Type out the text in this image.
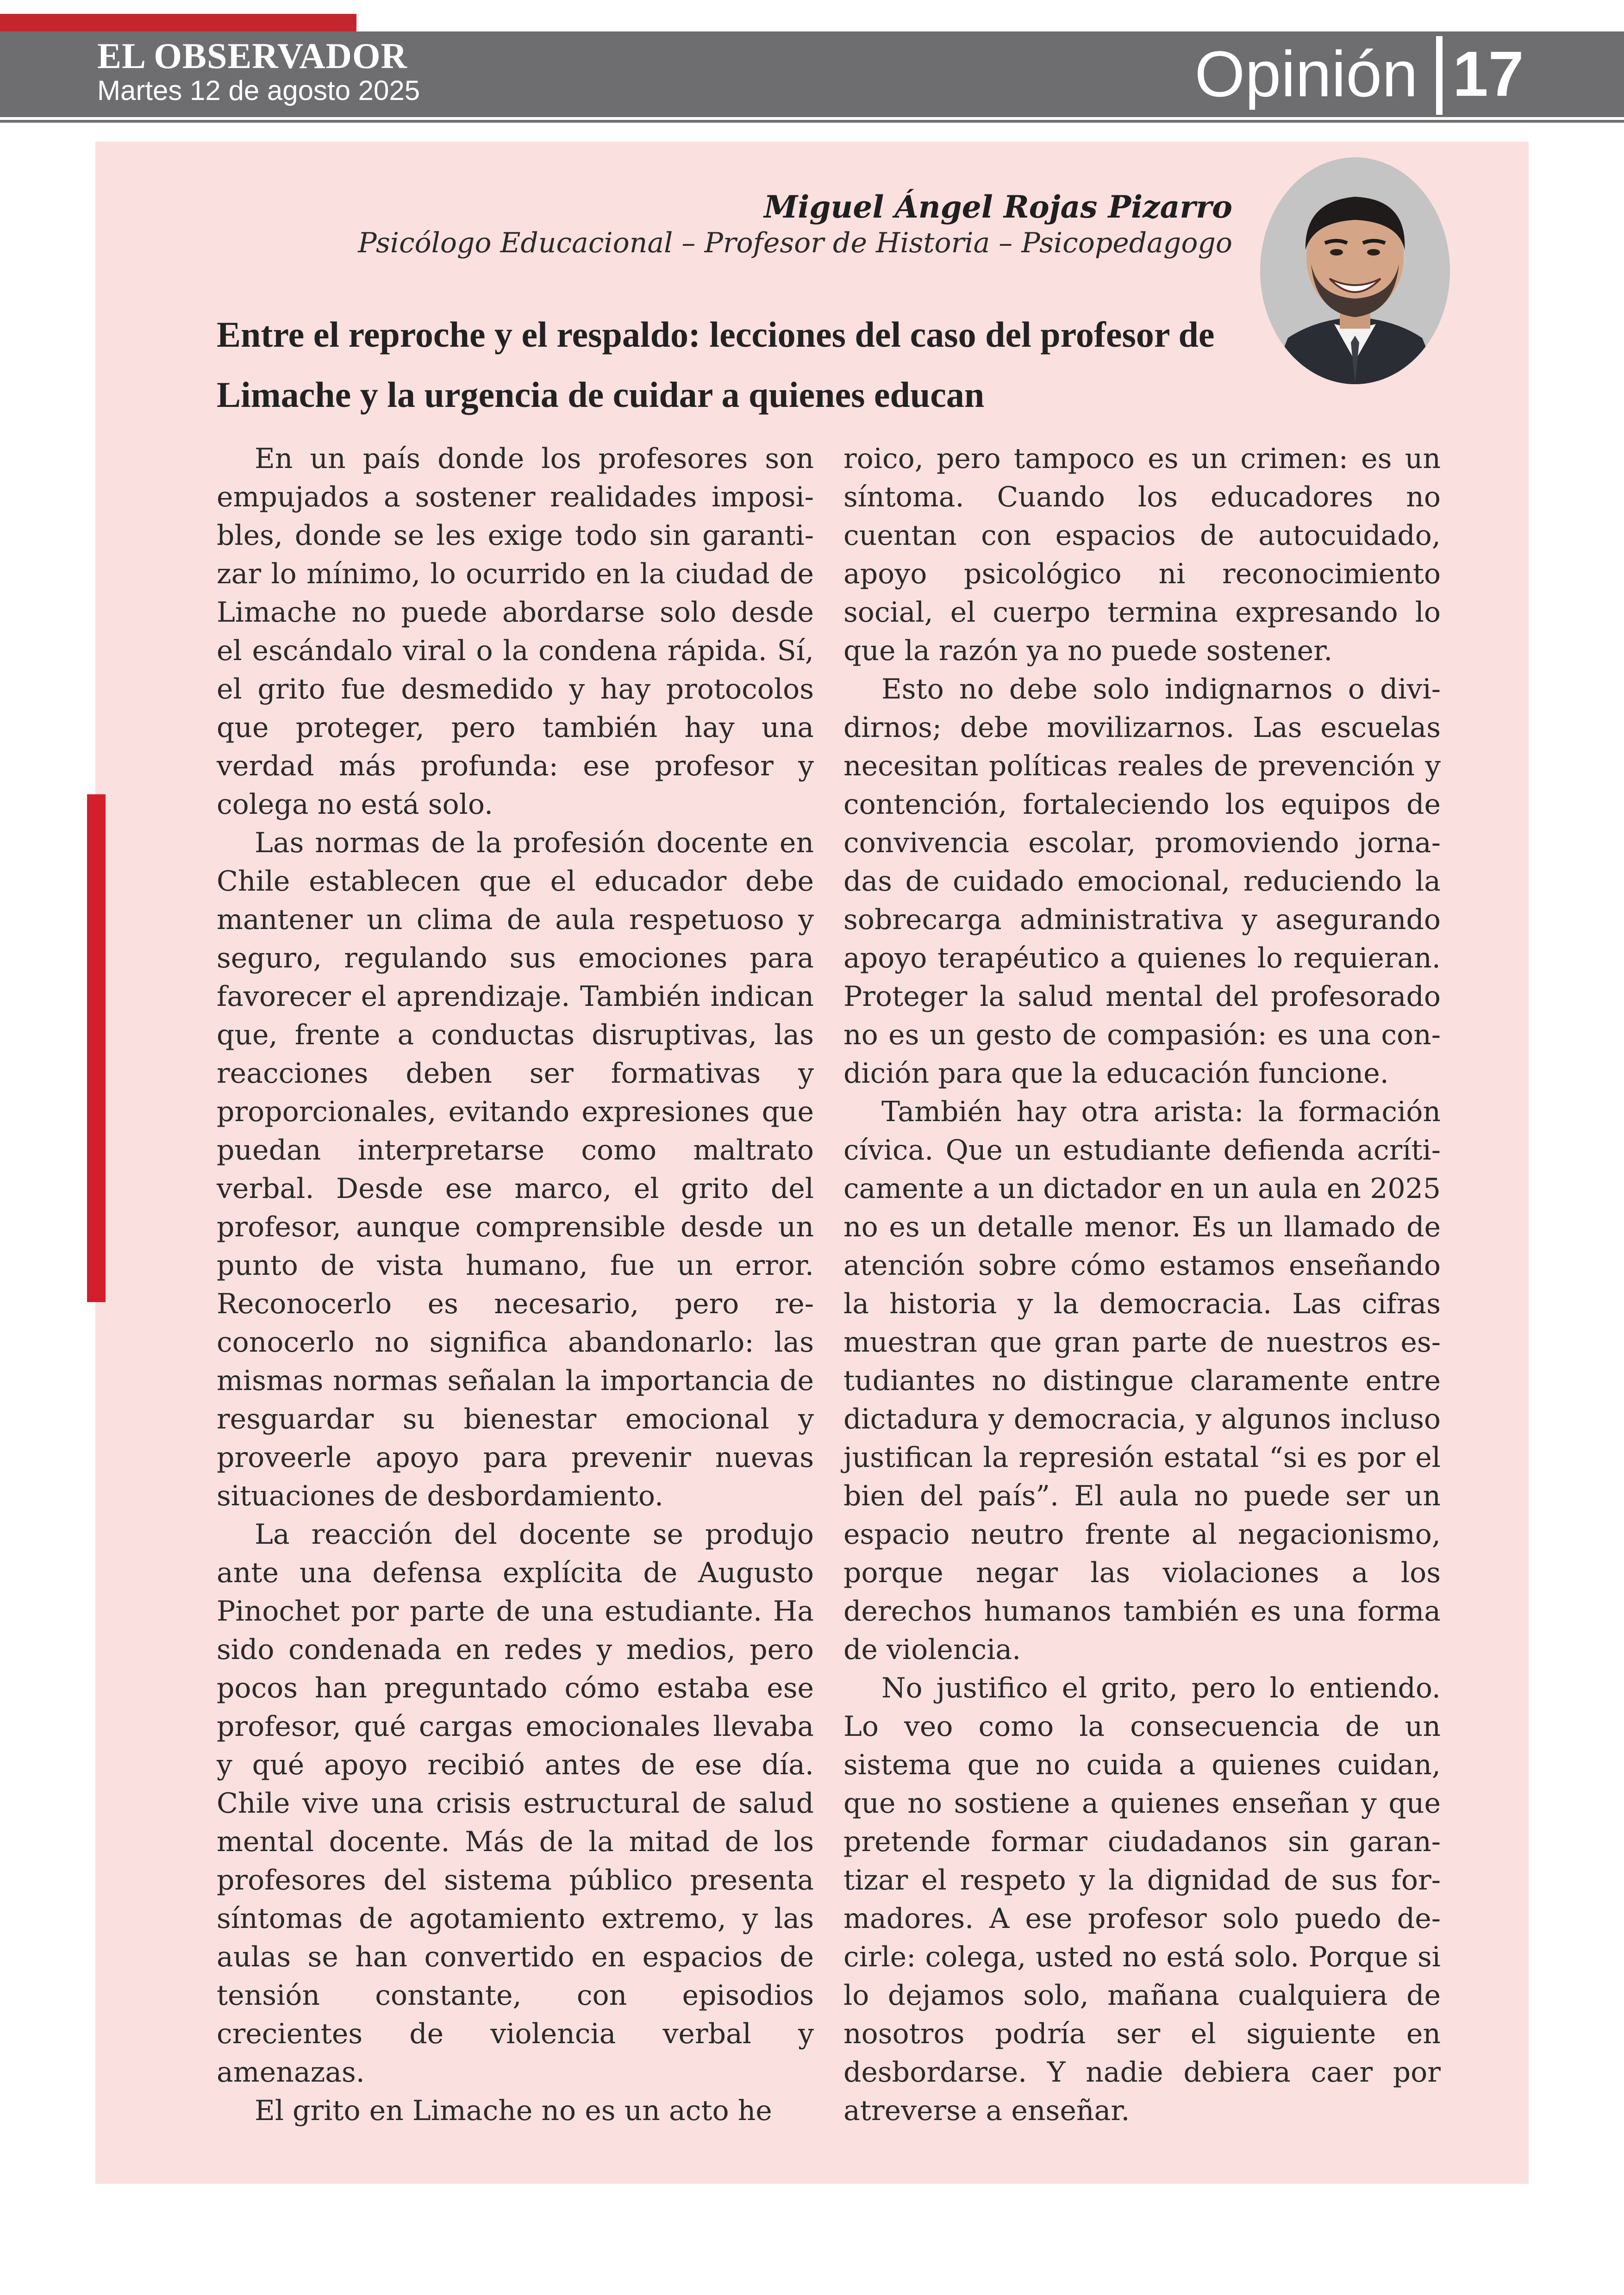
EL OBSERVADOR
Martes 12 de agosto 2025	Opinión 17
Miguel Ángel Rojas Pizarro
Psicólogo Educacional – Profesor de Historia – Psicopedagogo
Entre el reproche y el respaldo: lecciones del caso del profesor de Limache y la urgencia de cuidar a quienes educan

En un país donde los profesores son empujados a sostener realidades imposibles, donde se les exige todo sin garantizar lo mínimo, lo ocurrido en la ciudad de Limache no puede abordarse solo desde el escándalo viral o la condena rápida. Sí, el grito fue desmedido y hay protocolos que proteger, pero también hay una verdad más profunda: ese profesor y colega no está solo.

Las normas de la profesión docente en Chile establecen que el educador debe mantener un clima de aula respetuoso y seguro, regulando sus emociones para favorecer el aprendizaje. También indican que, frente a conductas disruptivas, las reacciones deben ser formativas y proporcionales, evitando expresiones que puedan interpretarse como maltrato verbal. Desde ese marco, el grito del profesor, aunque comprensible desde un punto de vista humano, fue un error. Reconocerlo es necesario, pero reconocerlo no significa abandonarlo: las mismas normas señalan la importancia de resguardar su bienestar emocional y proveerle apoyo para prevenir nuevas situaciones de desbordamiento.

La reacción del docente se produjo ante una defensa explícita de Augusto Pinochet por parte de una estudiante. Ha sido condenada en redes y medios, pero pocos han preguntado cómo estaba ese profesor, qué cargas emocionales llevaba y qué apoyo recibió antes de ese día. Chile vive una crisis estructural de salud mental docente. Más de la mitad de los profesores del sistema público presenta síntomas de agotamiento extremo, y las aulas se han convertido en espacios de tensión constante, con episodios crecientes de violencia verbal y amenazas.

El grito en Limache no es un acto he

roico, pero tampoco es un crimen: es un síntoma. Cuando los educadores no cuentan con espacios de autocuidado, apoyo psicológico ni reconocimiento social, el cuerpo termina expresando lo que la razón ya no puede sostener.

Esto no debe solo indignarnos o dividirnos; debe movilizarnos. Las escuelas necesitan políticas reales de prevención y contención, fortaleciendo los equipos de convivencia escolar, promoviendo jornadas de cuidado emocional, reduciendo la sobrecarga administrativa y asegurando apoyo terapéutico a quienes lo requieran. Proteger la salud mental del profesorado no es un gesto de compasión: es una condición para que la educación funcione.

También hay otra arista: la formación cívica. Que un estudiante defienda acríticamente a un dictador en un aula en 2025 no es un detalle menor. Es un llamado de atención sobre cómo estamos enseñando la historia y la democracia. Las cifras muestran que gran parte de nuestros estudiantes no distingue claramente entre dictadura y democracia, y algunos incluso justifican la represión estatal “si es por el bien del país”. El aula no puede ser un espacio neutro frente al negacionismo, porque negar las violaciones a los derechos humanos también es una forma de violencia.

No justifico el grito, pero lo entiendo. Lo veo como la consecuencia de un sistema que no cuida a quienes cuidan, que no sostiene a quienes enseñan y que pretende formar ciudadanos sin garantizar el respeto y la dignidad de sus formadores. A ese profesor solo puedo decirle: colega, usted no está solo. Porque si lo dejamos solo, mañana cualquiera de nosotros podría ser el siguiente en desbordarse. Y nadie debiera caer por atreverse a enseñar.
